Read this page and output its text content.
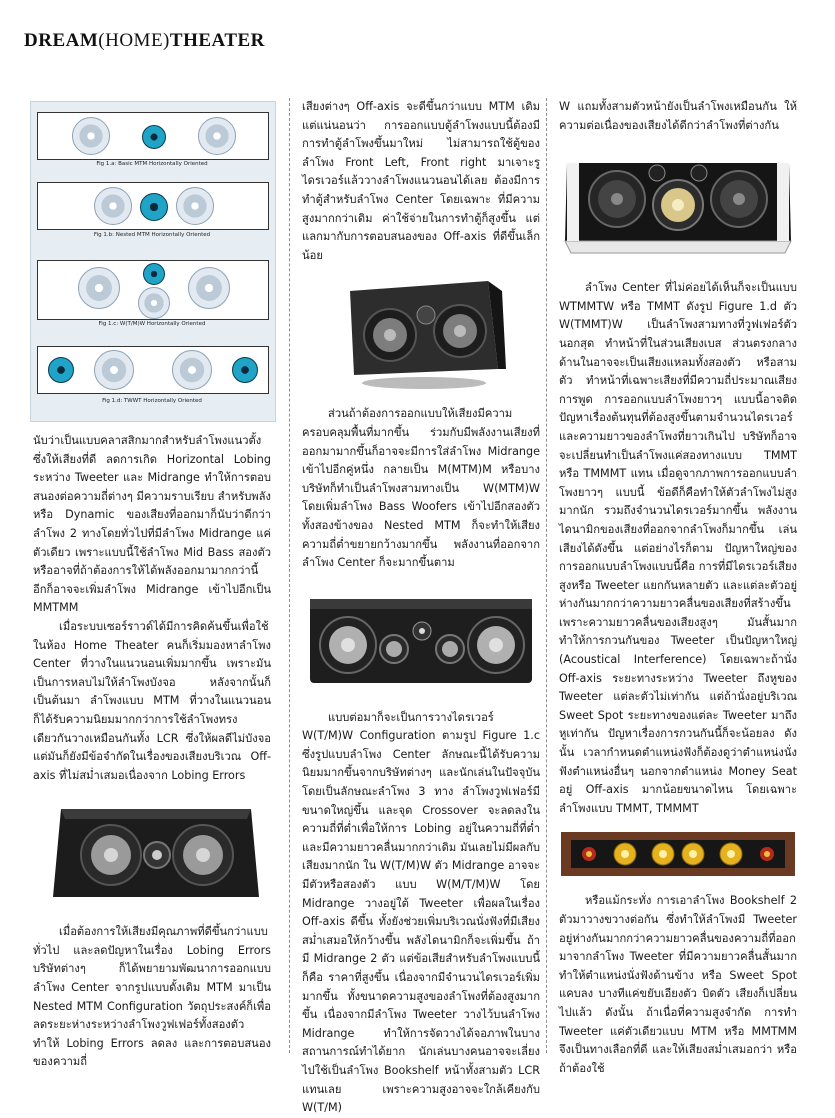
DREAM(HOME)THEATER
Fig 1.a: Basic MTM Horizontally Oriented
Fig 1.b: Nested MTM Horizontally Oriented
Fig 1.c: W(T/M)W Horizontally Oriented
Fig 1.d: TWWT Horizontally Oriented

นับว่าเป็นแบบคลาสสิกมากสำหรับลำโพงแนวตั้ง ซึ่งให้เสียงที่ดี ลดการเกิด Horizontal Lobing ระหว่าง Tweeter และ Midrange ทำให้การตอบสนองต่อความถี่ต่างๆ มีความราบเรียบ สำหรับพลัง หรือ Dynamic ของเสียงที่ออกมาก็นับว่าดีกว่าลำโพง 2 ทางโดยทั่วไปที่มีลำโพง Midrange แค่ตัวเดียว เพราะแบบนี้ใช้ลำโพง Mid Bass สองตัว หรืออาจที่ถ้าต้องการให้ได้พลังออกมามากกว่านี้อีกก็อาจจะเพิ่มลำโพง Midrange เข้าไปอีกเป็น MMTMM

เมื่อระบบเซอร์ราวด์ได้มีการคิดค้นขึ้นเพื่อใช้ในห้อง Home Theater คนก็เริ่มมองหาลำโพง Center ที่วางในแนวนอนเพิ่มมากขึ้น เพราะมันเป็นการหลบไม่ให้ลำโพงบังจอ หลังจากนั้นก็เป็นต้นมา ลำโพงแบบ MTM ที่วางในแนวนอนก็ได้รับความนิยมมากกว่าการใช้ลำโพงทรงเดียวกันวางเหมือนกันทั้ง LCR ซึ่งให้ผลดีไม่บังจอ แต่มันก็ยังมีข้อจำกัดในเรื่องของเสียงบริเวณ Off-axis ที่ไม่สม่ำเสมอเนื่องจาก Lobing Errors

เมื่อต้องการให้เสียงมีคุณภาพที่ดีขึ้นกว่าแบบทั่วไป และลดปัญหาในเรื่อง Lobing Errors บริษัทต่างๆ ก็ได้พยายามพัฒนาการออกแบบลำโพง Center จากรูปแบบดั้งเดิม MTM มาเป็น Nested MTM Configuration วัตถุประสงค์ก็เพื่อลดระยะห่างระหว่างลำโพงวูฟเฟอร์ทั้งสองตัว ทำให้ Lobing Errors ลดลง และการตอบสนองของความถี่

เสียงต่างๆ Off-axis จะดีขึ้นกว่าแบบ MTM เดิม แต่แน่นอนว่า การออกแบบตู้ลำโพงแบบนี้ต้องมีการทำตู้ลำโพงขึ้นมาใหม่ ไม่สามารถใช้ตู้ของลำโพง Front Left, Front right มาเจาะรูไดรเวอร์แล้ววางลำโพงแนวนอนได้เลย ต้องมีการทำตู้สำหรับลำโพง Center โดยเฉพาะ ที่มีความสูงมากกว่าเดิม ค่าใช้จ่ายในการทำตู้ก็สูงขึ้น แต่แลกมากับการตอบสนองของ Off-axis ที่ดีขึ้นเล็กน้อย

ส่วนถ้าต้องการออกแบบให้เสียงมีความครอบคลุมพื้นที่มากขึ้น ร่วมกับมีพลังงานเสียงที่ออกมามากขึ้นก็อาจจะมีการใส่ลำโพง Midrange เข้าไปอีกคู่หนึ่ง กลายเป็น M(MTM)M หรือบางบริษัทก็ทำเป็นลำโพงสามทางเป็น W(MTM)W โดยเพิ่มลำโพง Bass Woofers เข้าไปอีกสองตัวทั้งสองข้างของ Nested MTM ก็จะทำให้เสียงความถี่ต่ำขยายกว้างมากขึ้น พลังงานที่ออกจากลำโพง Center ก็จะมากขึ้นตาม

แบบต่อมาก็จะเป็นการวางไดรเวอร์ W(T/M)W Configuration ตามรูป Figure 1.c ซึ่งรูปแบบลำโพง Center ลักษณะนี้ได้รับความนิยมมากขึ้นจากบริษัทต่างๆ และนักเล่นในปัจจุบัน โดยเป็นลักษณะลำโพง 3 ทาง ลำโพงวูฟเฟอร์มีขนาดใหญ่ขึ้น และจุด Crossover จะลดลงในความถี่ที่ต่ำเพื่อให้การ Lobing อยู่ในความถี่ที่ต่ำ และมีความยาวคลื่นมากกว่าเดิม มันเลยไม่มีผลกับเสียงมากนัก ใน W(T/M)W ตัว Midrange อาจจะมีตัวหรือสองตัว แบบ W(M/T/M)W โดย Midrange วางอยู่ใต้ Tweeter เพื่อผลในเรื่อง Off-axis ดีขึ้น ทั้งยังช่วยเพิ่มบริเวณนั่งฟังที่มีเสียงสม่ำเสมอให้กว้างขึ้น พลังไดนามิกก็จะเพิ่มขึ้น ถ้ามี Midrange 2 ตัว แต่ข้อเสียสำหรับลำโพงแบบนี้ก็คือ ราคาที่สูงขึ้น เนื่องจากมีจำนวนไดรเวอร์เพิ่มมากขึ้น ทั้งขนาดความสูงของลำโพงที่ต้องสูงมากขึ้น เนื่องจากมีลำโพง Tweeter วางไว้บนลำโพง Midrange ทำให้การจัดวางได้จอภาพในบางสถานการณ์ทำได้ยาก นักเล่นบางคนอาจจะเลี่ยงไปใช้เป็นลำโพง Bookshelf หน้าทั้งสามตัว LCR แทนเลย เพราะความสูงอาจจะใกล้เคียงกับ W(T/M)

W แถมทั้งสามตัวหน้ายังเป็นลำโพงเหมือนกัน ให้ความต่อเนื่องของเสียงได้ดีกว่าลำโพงที่ต่างกัน

ลำโพง Center ที่ไม่ค่อยได้เห็นก็จะเป็นแบบ WTMMTW หรือ TMMT ดังรูป Figure 1.d ตัว W(TMMT)W เป็นลำโพงสามทางที่วูฟเฟอร์ตัวนอกสุด ทำหน้าที่ในส่วนเสียงเบส ส่วนตรงกลางด้านในอาจจะเป็นเสียงแหลมทั้งสองตัว หรือสามตัว ทำหน้าที่เฉพาะเสียงที่มีความถี่ประมาณเสียงการพูด การออกแบบลำโพงยาวๆ แบบนี้อาจติดปัญหาเรื่องต้นทุนที่ต้องสูงขึ้นตามจำนวนไดรเวอร์ และความยาวของลำโพงที่ยาวเกินไป บริษัทก็อาจจะเปลี่ยนทำเป็นลำโพงแค่สองทางแบบ TMMT หรือ TMMMT แทน เมื่อดูจากภาพการออกแบบลำโพงยาวๆ แบบนี้ ข้อดีก็คือทำให้ตัวลำโพงไม่สูงมากนัก รวมถึงจำนวนไดรเวอร์มากขึ้น พลังงานไดนามิกของเสียงที่ออกจากลำโพงก็มากขึ้น เล่นเสียงได้ดังขึ้น แต่อย่างไรก็ตาม ปัญหาใหญ่ของการออกแบบลำโพงแบบนี้คือ การที่มีไดรเวอร์เสียงสูงหรือ Tweeter แยกกันหลายตัว และแต่ละตัวอยู่ห่างกันมากกว่าความยาวคลื่นของเสียงที่สร้างขึ้น เพราะความยาวคลื่นของเสียงสูงๆ มันสั้นมาก ทำให้การกวนกันของ Tweeter เป็นปัญหาใหญ่ (Acoustical Interference) โดยเฉพาะถ้านั่ง Off-axis ระยะทางระหว่าง Tweeter ถึงหูของ Tweeter แต่ละตัวไม่เท่ากัน แต่ถ้านั่งอยู่บริเวณ Sweet Spot ระยะทางของแต่ละ Tweeter มาถึงหูเท่ากัน ปัญหาเรื่องการกวนกันนี้ก็จะน้อยลง ดังนั้น เวลากำหนดตำแหน่งฟังก็ต้องดูว่าตำแหน่งนั่งฟังตำแหน่งอื่นๆ นอกจากตำแหน่ง Money Seat อยู่ Off-axis มากน้อยขนาดไหน โดยเฉพาะลำโพงแบบ TMMT, TMMMT

หรือแม้กระทั่ง การเอาลำโพง Bookshelf 2 ตัวมาวางขวางต่อกัน ซึ่งทำให้ลำโพงมี Tweeter อยู่ห่างกันมากกว่าความยาวคลื่นของความถี่ที่ออกมาจากลำโพง Tweeter ที่มีความยาวคลื่นสั้นมาก ทำให้ตำแหน่งนั่งฟังด้านข้าง หรือ Sweet Spot แคบลง บางทีแค่ขยับเอียงตัว บิดตัว เสียงก็เปลี่ยนไปแล้ว ดังนั้น ถ้าเนื่อที่ความสูงจำกัด การทำ Tweeter แค่ตัวเดียวแบบ MTM หรือ MMTMM จึงเป็นทางเลือกที่ดี และให้เสียงสม่ำเสมอกว่า หรือถ้าต้องใช้
